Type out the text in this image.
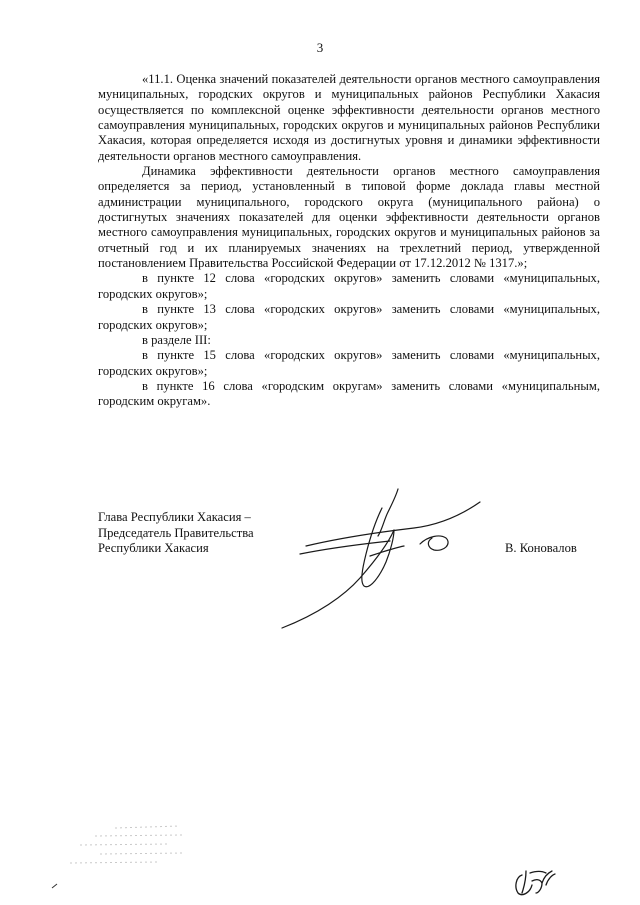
3

«11.1. Оценка значений показателей деятельности органов местного самоуправления муниципальных, городских округов и муниципальных районов Республики Хакасия осуществляется по комплексной оценке эффективности деятельности органов местного самоуправления муниципальных, городских округов и муниципальных районов Республики Хакасия, которая определяется исходя из достигнутых уровня и динамики эффективности деятельности органов местного самоуправления.

Динамика эффективности деятельности органов местного самоуправления определяется за период, установленный в типовой форме доклада главы местной администрации муниципального, городского округа (муниципального района) о достигнутых значениях показателей для оценки эффективности деятельности органов местного самоуправления муниципальных, городских округов и муниципальных районов за отчетный год и их планируемых значениях на трехлетний период, утвержденной постановлением Правительства Российской Федерации от 17.12.2012 № 1317.»;

в пункте 12 слова «городских округов» заменить словами «муниципальных, городских округов»;

в пункте 13 слова «городских округов» заменить словами «муниципальных, городских округов»;

в разделе III:

в пункте 15 слова «городских округов» заменить словами «муниципальных, городских округов»;

в пункте 16 слова «городским округам» заменить словами «муниципальным, городским округам».

Глава Республики Хакасия –
Председатель Правительства
Республики Хакасия	В. Коновалов
